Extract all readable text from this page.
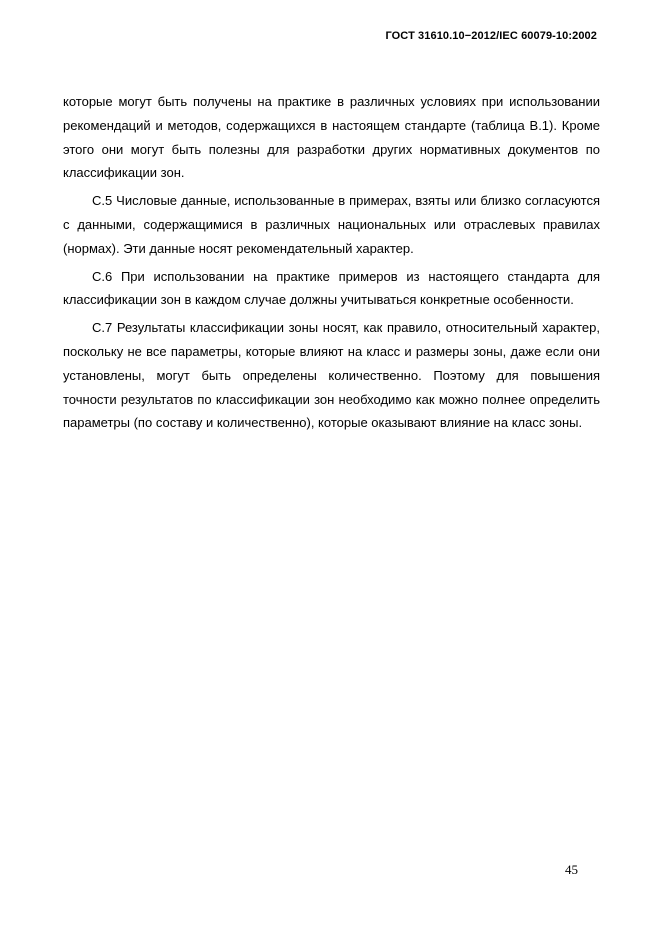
ГОСТ 31610.10−2012/IEC 60079-10:2002

которые могут быть получены на практике в различных условиях при использовании рекомендаций и методов, содержащихся в настоящем стандарте (таблица В.1). Кроме этого они могут быть полезны для разработки других нормативных документов по классификации зон.

С.5 Числовые данные, использованные в примерах, взяты или близко согласуются с данными, содержащимися в различных национальных или отраслевых правилах (нормах). Эти данные носят рекомендательный характер.

С.6 При использовании на практике примеров из настоящего стандарта для классификации зон в каждом случае должны учитываться конкретные особенности.

С.7 Результаты классификации зоны носят, как правило, относительный характер, поскольку не все параметры, которые влияют на класс и размеры зоны, даже если они установлены, могут быть определены количественно. Поэтому для повышения точности результатов по классификации зон необходимо как можно полнее определить параметры (по составу и количественно), которые оказывают влияние на класс зоны.

45
